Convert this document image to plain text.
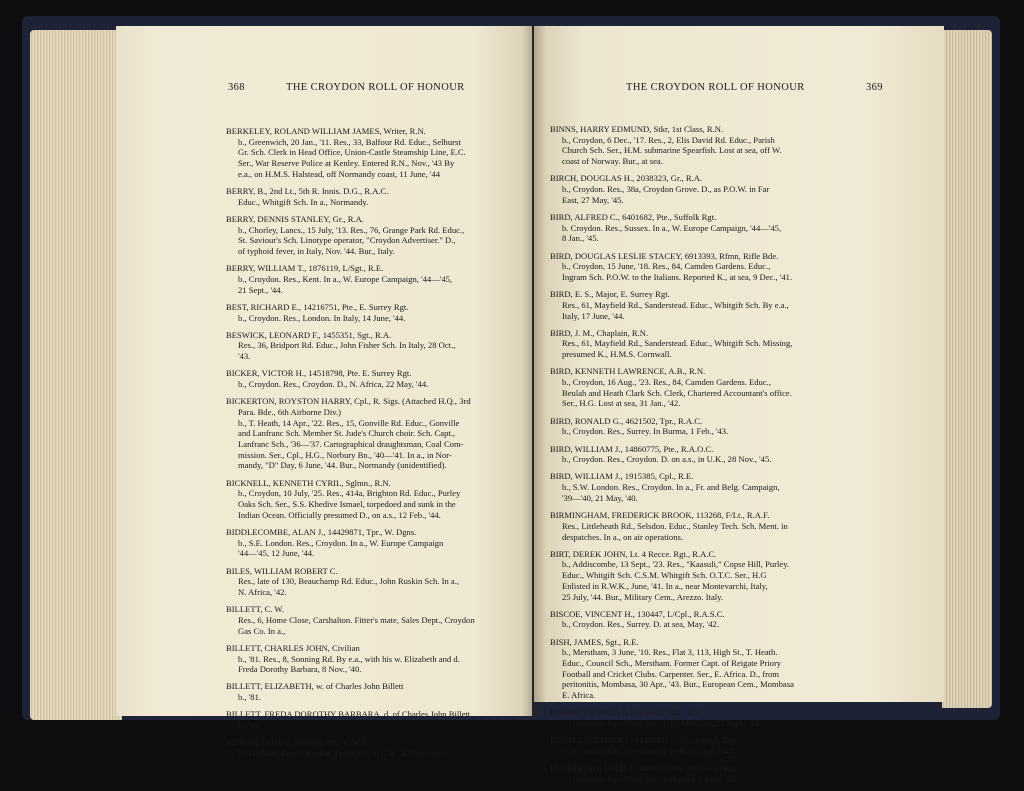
368	THE CROYDON ROLL OF HONOUR
BERKELEY, ROLAND WILLIAM JAMES, Writer, R.N.
b., Greenwich, 20 Jan., '11. Res., 33, Balfour Rd. Educ., Selhurst
Gr. Sch. Clerk in Head Office, Union-Castle Steamship Line, E.C.
Ser., War Reserve Police at Kenley. Entered R.N., Nov., '43 By
e.a., on H.M.S. Halstead, off Normandy coast, 11 June, '44
BERRY, B., 2nd Lt., 5th R. Innis. D.G., R.A.C.
Educ., Whitgift Sch. In a., Normandy.
BERRY, DENNIS STANLEY, Gr., R.A.
b., Chorley, Lancs., 15 July, '13. Res., 76, Grange Park Rd. Educ.,
St. Saviour's Sch. Linotype operator, "Croydon Advertiser." D.,
of typhoid fever, in Italy, Nov. '44. Bur., Italy.
BERRY, WILLIAM T., 1876119, L/Sgt., R.E.
b., Croydon. Res., Kent. In a., W. Europe Campaign, '44—'45,
21 Sept., '44.
BEST, RICHARD E., 14216751, Pte., E. Surrey Rgt.
b., Croydon. Res., London. In Italy, 14 June, '44.
BESWICK, LEONARD F., 1455351, Sgt., R.A.
Res., 36, Bridport Rd. Educ., John Fisher Sch. In Italy, 28 Oct.,
'43.
BICKER, VICTOR H., 14518798, Pte. E. Surrey Rgt.
b., Croydon. Res., Croydon. D., N. Africa, 22 May, '44.
BICKERTON, ROYSTON HARRY, Cpl., R. Sigs. (Attached H.Q., 3rd
Para. Bde., 6th Airborne Div.)
b., T. Heath, 14 Apr., '22. Res., 15, Gonville Rd. Educ., Gonville
and Lanfranc Sch. Member St. Jude's Church choir. Sch. Capt.,
Lanfranc Sch., '36—'37. Cartographical draughtsman, Coal Com-
mission. Ser., Cpl., H.G., Norbury Bn., '40—'41. In a., in Nor-
mandy, "D" Day, 6 June, '44. Bur., Normandy (unidentified).
BICKNELL, KENNETH CYRIL, Sglmn., R.N.
b., Croydon, 10 July, '25. Res., 414a, Brighton Rd. Educ., Purley
Oaks Sch. Ser., S.S. Khedive Ismael, torpedoed and sunk in the
Indian Ocean. Officially presumed D., on a.s., 12 Feb., '44.
BIDDLECOMBE, ALAN J., 14429871, Tpr., W. Dgns.
b., S.E. London. Res., Croydon. In a., W. Europe Campaign
'44—'45, 12 June, '44.
BILES, WILLIAM ROBERT C.
Res., late of 130, Beauchamp Rd. Educ., John Ruskin Sch. In a.,
N. Africa, '42.
BILLETT, C. W.
Res., 6, Home Close, Carshalton. Fitter's mate, Sales Dept., Croydon
Gas Co. In a.,
BILLETT, CHARLES JOHN, Civilian
b., '81. Res., 8, Sonning Rd. By e.a., with his w. Elizabeth and d.
Freda Dorothy Barbara, 8 Nov., '40.
BILLETT, ELIZABETH, w. of Charles John Billett
b., '81.
BILLETT, FREDA DOROTHY BARBARA, d. of Charles John Billett
b., '19.
BILTON, JAMES, 7686575, Pte., C.M.P.
b., Durham. Res., Croydon. D. on a.s., in U.K., 12 June, '40.
THE CROYDON ROLL OF HONOUR	369
BINNS, HARRY EDMUND, Stkr, 1st Class, R.N.
b., Croydon, 6 Dec., '17. Res., 2, Elis David Rd. Educ., Parish
Church Sch. Ser., H.M. submarine Spearfish. Lost at sea, off W.
coast of Norway. Bur., at sea.
BIRCH, DOUGLAS H., 2038323, Gr., R.A.
b., Croydon. Res., 38a, Croydon Grove. D., as P.O.W. in Far
East, 27 May, '45.
BIRD, ALFRED C., 6401682, Pte., Suffolk Rgt.
b. Croydon. Res., Sussex. In a., W. Europe Campaign, '44—'45,
8 Jan., '45.
BIRD, DOUGLAS LESLIE STACEY, 6913393, Rfmn, Rifle Bde.
b., Croydon, 15 June, '18. Res., 84, Camden Gardens. Educ.,
Ingram Sch. P.O.W. to the Italians. Reported K., at sea, 9 Dec., '41.
BIRD, E. S., Major, E. Surrey Rgt.
Res., 61, Mayfield Rd., Sanderstead. Educ., Whitgift Sch. By e.a.,
Italy, 17 June, '44.
BIRD, J. M., Chaplain, R.N.
Res., 61, Mayfield Rd., Sanderstead. Educ., Whitgift Sch. Missing,
presumed K., H.M.S. Cornwall.
BIRD, KENNETH LAWRENCE, A.B., R.N.
b., Croydon, 16 Aug., '23. Res., 84, Camden Gardens. Educ.,
Beulah and Heath Clark Sch. Clerk, Chartered Accountant's office.
Ser., H.G. Lost at sea, 31 Jan., '42.
BIRD, RONALD G., 4621502, Tpr., R.A.C.
b., Croydon. Res., Surrey. In Burma, 1 Feb., '43.
BIRD, WILLIAM J., 14860775, Pte., R.A.O.C.
b., Croydon. Res., Croydon. D. on a.s., in U.K., 28 Nov., '45.
BIRD, WILLIAM J., 1915385, Cpl., R.E.
b., S.W. London. Res., Croydon. In a., Fr. and Belg. Campaign,
'39—'40, 21 May, '40.
BIRMINGHAM, FREDERICK BROOK, 113268, F/Lt., R.A.F.
Res., Littleheath Rd., Selsdon. Educ., Stanley Tech. Sch. Ment. in
despatches. In a., on air operations.
BIRT, DEREK JOHN, Lt. 4 Recce. Rgt., R.A.C.
b., Addiscombe, 13 Sept., '23. Res., "Kaasuli," Copse Hill, Purley.
Educ., Whitgift Sch. C.S.M. Whitgift Sch. O.T.C. Ser., H.G
Enlisted in R.W.K., June, '41. In a., near Montevarchi, Italy,
25 July, '44. Bur., Military Cem., Arezzo. Italy.
BISCOE, VINCENT H., 130447, L/Cpl., R.A.S.C.
b., Croydon. Res., Surrey. D. at sea, May, '42.
BISH, JAMES, Sgt., R.E.
b., Merstham, 3 June, '10. Res., Flat 3, 113, High St., T. Heath.
Educ., Council Sch., Merstham. Former Capt. of Reigate Priory
Football and Cricket Clubs. Carpenter. Ser., E. Africa. D., from
peritonitis, Mombasa, 30 Apr., '43. Bur., European Cem., Mombasa
E. Africa.
BISHOP, FRANCIS A., 1116451, Bdr., R.A.
b., Croydon. Res., Croydon. In Middle East, 25 Sept., '43.
BISSELL, ARTHUR F., 6147851, L/Sgt., Suffolk Rgt.
b., Croydon. Res., Croydon. In India, 12 Feb., '44.
BLABER, WILFRED J., 4809788, Pte., W. Yorks Rgt.
b., Croydon. Res., Croydon. In Burma, 3 June, '44.
